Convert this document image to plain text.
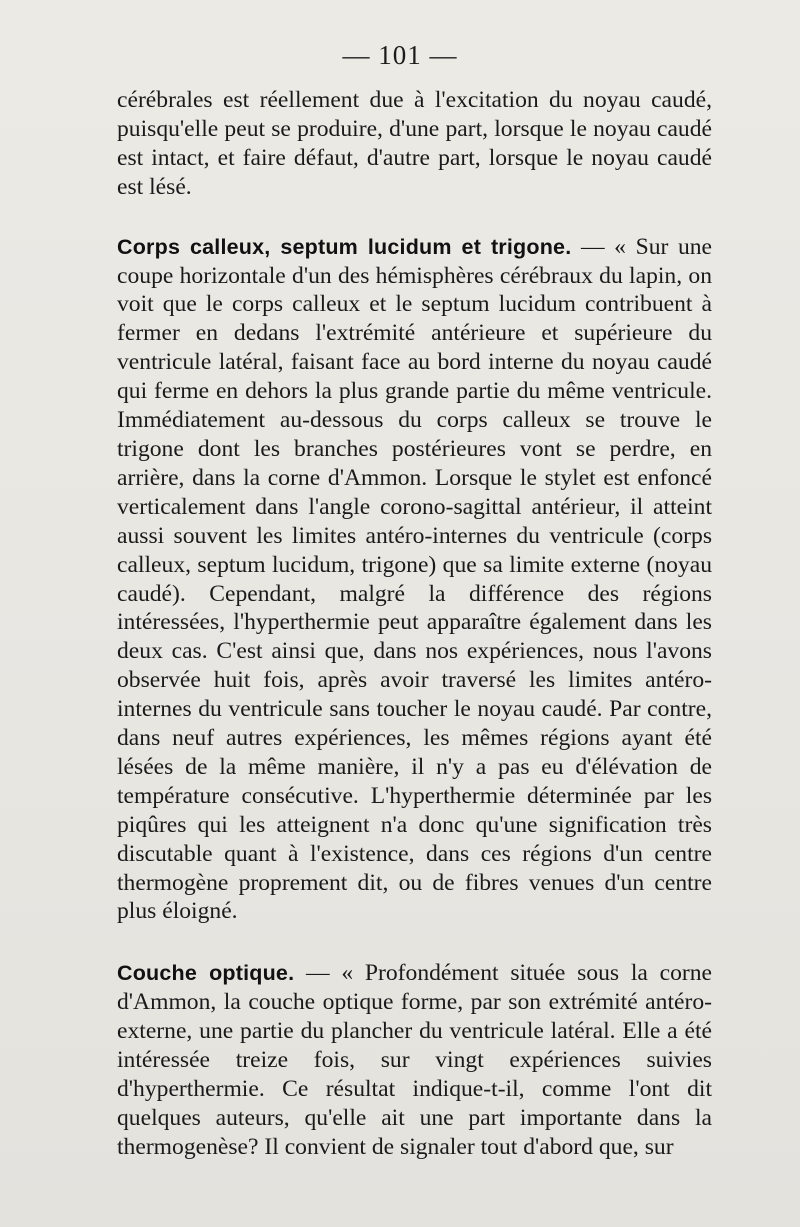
— 101 —

cérébrales est réellement due à l'excitation du noyau caudé, puisqu'elle peut se produire, d'une part, lorsque le noyau caudé est intact, et faire défaut, d'autre part, lorsque le noyau caudé est lésé.

Corps calleux, septum lucidum et trigone. — « Sur une coupe horizontale d'un des hémisphères cérébraux du lapin, on voit que le corps calleux et le septum lucidum contribuent à fermer en dedans l'extrémité antérieure et supérieure du ventricule latéral, faisant face au bord interne du noyau caudé qui ferme en dehors la plus grande partie du même ventricule. Immédiatement au-dessous du corps calleux se trouve le trigone dont les branches postérieures vont se perdre, en arrière, dans la corne d'Ammon. Lorsque le stylet est enfoncé verticalement dans l'angle corono-sagittal antérieur, il atteint aussi souvent les limites antéro-internes du ventricule (corps calleux, septum lucidum, trigone) que sa limite externe (noyau caudé). Cependant, malgré la différence des régions intéressées, l'hyperthermie peut apparaître également dans les deux cas. C'est ainsi que, dans nos expériences, nous l'avons observée huit fois, après avoir traversé les limites antéro-internes du ventricule sans toucher le noyau caudé. Par contre, dans neuf autres expériences, les mêmes régions ayant été lésées de la même manière, il n'y a pas eu d'élévation de température consécutive. L'hyperthermie déterminée par les piqûres qui les atteignent n'a donc qu'une signification très discutable quant à l'existence, dans ces régions d'un centre thermogène proprement dit, ou de fibres venues d'un centre plus éloigné.

Couche optique. — « Profondément située sous la corne d'Ammon, la couche optique forme, par son extrémité antéro-externe, une partie du plancher du ventricule latéral. Elle a été intéressée treize fois, sur vingt expériences suivies d'hyperthermie. Ce résultat indique-t-il, comme l'ont dit quelques auteurs, qu'elle ait une part importante dans la thermogenèse? Il convient de signaler tout d'abord que, sur
